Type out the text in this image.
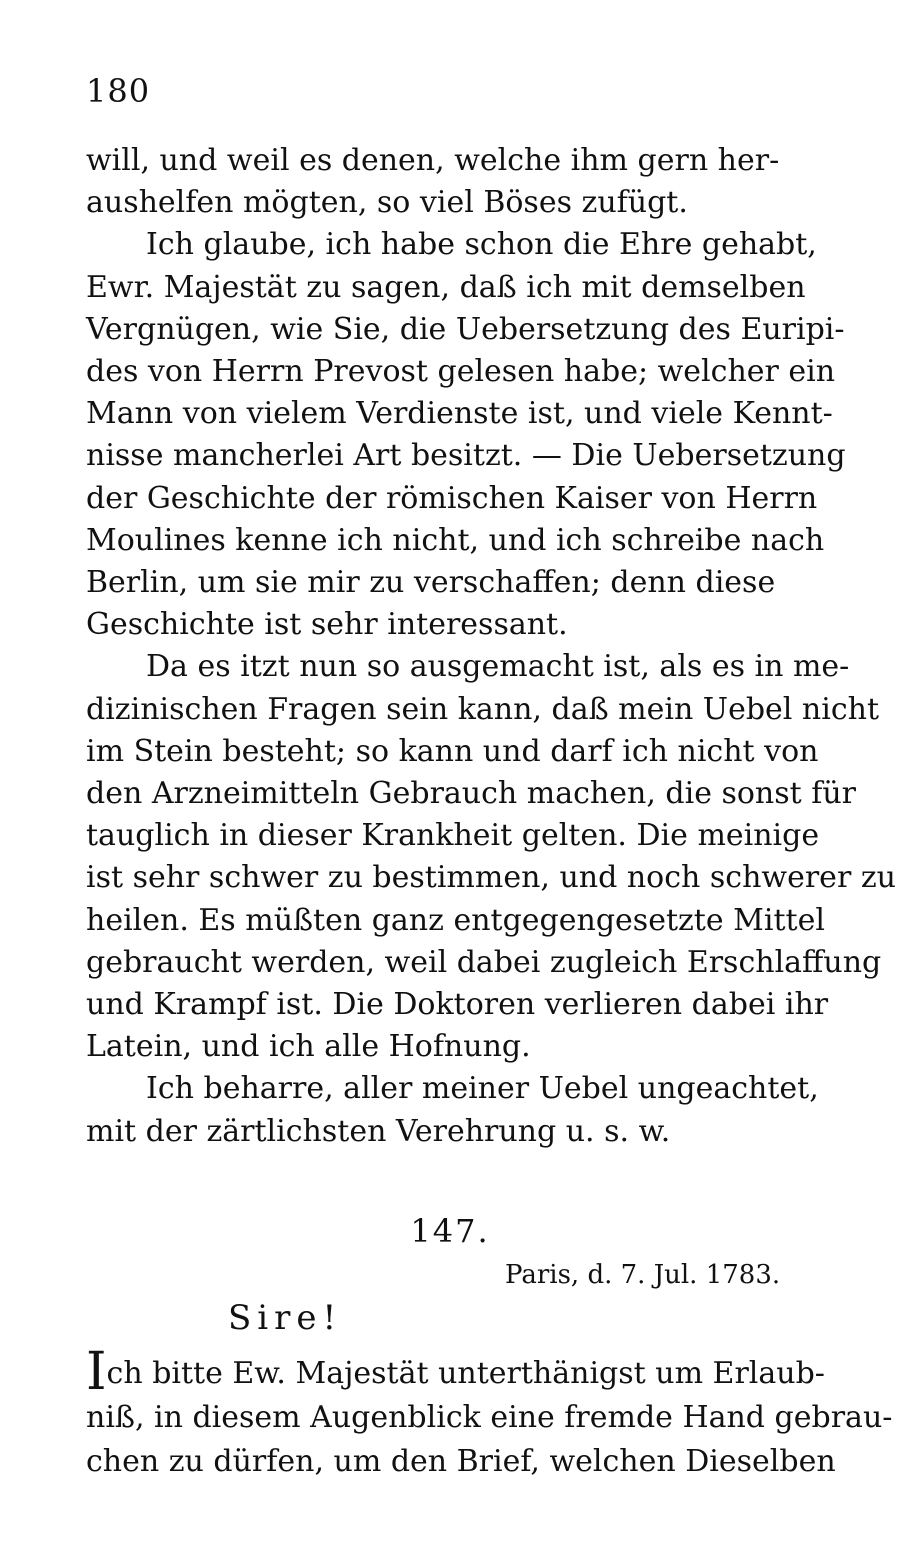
180
will, und weil es denen, welche ihm gern her-
aushelfen mögten, so viel Böses zufügt.
Ich glaube, ich habe schon die Ehre gehabt,
Ewr. Majestät zu sagen, daß ich mit demselben
Vergnügen, wie Sie, die Uebersetzung des Euripi-
des von Herrn Prevost gelesen habe; welcher ein
Mann von vielem Verdienste ist, und viele Kennt-
nisse mancherlei Art besitzt. — Die Uebersetzung
der Geschichte der römischen Kaiser von Herrn
Moulines kenne ich nicht, und ich schreibe nach
Berlin, um sie mir zu verschaffen; denn diese
Geschichte ist sehr interessant.
Da es itzt nun so ausgemacht ist, als es in me-
dizinischen Fragen sein kann, daß mein Uebel nicht
im Stein besteht; so kann und darf ich nicht von
den Arzneimitteln Gebrauch machen, die sonst für
tauglich in dieser Krankheit gelten. Die meinige
ist sehr schwer zu bestimmen, und noch schwerer zu
heilen. Es müßten ganz entgegengesetzte Mittel
gebraucht werden, weil dabei zugleich Erschlaffung
und Krampf ist. Die Doktoren verlieren dabei ihr
Latein, und ich alle Hofnung.
Ich beharre, aller meiner Uebel ungeachtet,
mit der zärtlichsten Verehrung u. s. w.
147.
Paris, d. 7. Jul. 1783.
Sire!
Ich bitte Ew. Majestät unterthänigst um Erlaub-
niß, in diesem Augenblick eine fremde Hand gebrau-
chen zu dürfen, um den Brief, welchen Dieselben
